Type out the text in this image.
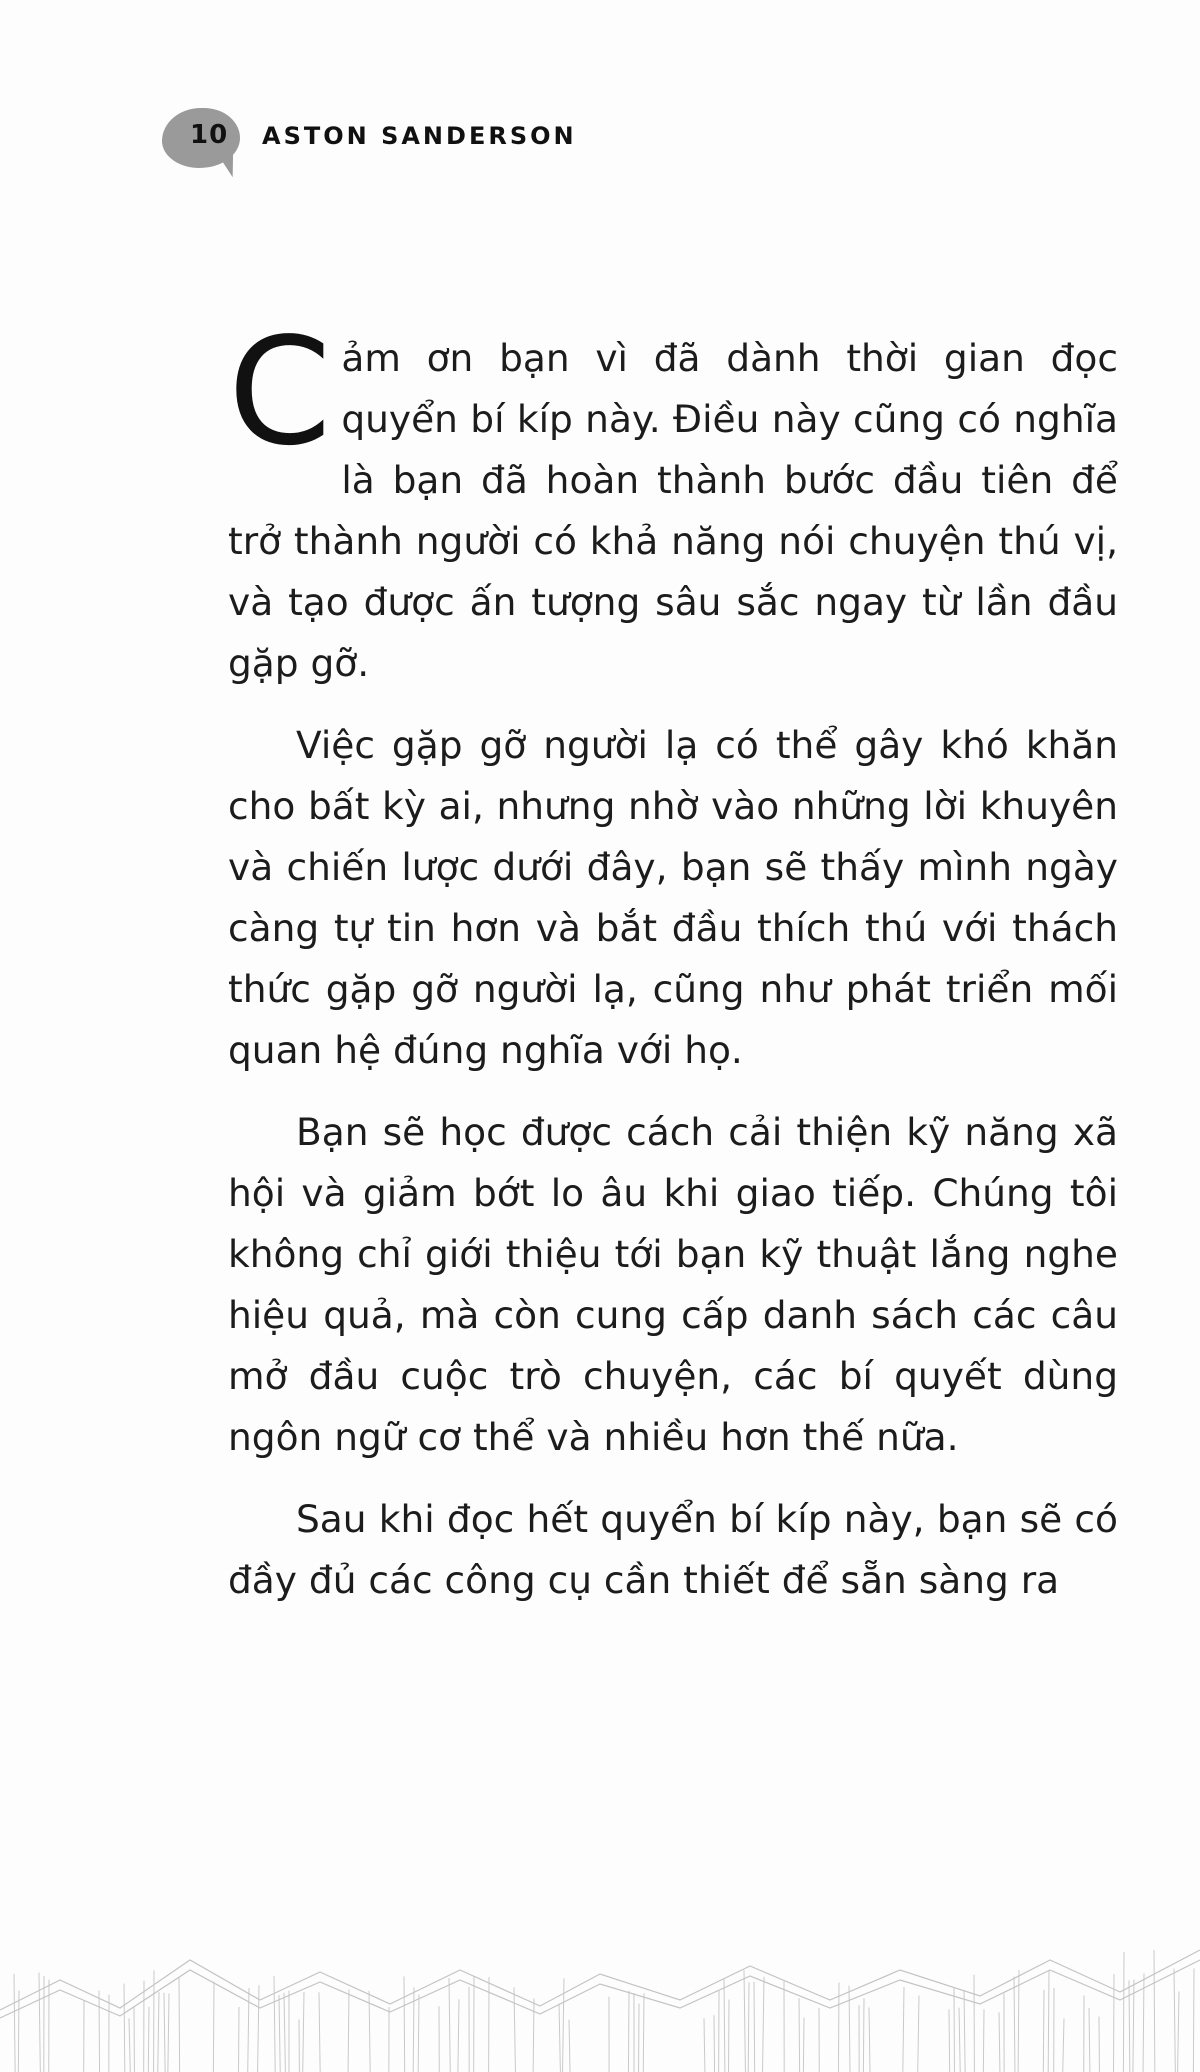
10 ASTON SANDERSON

Cảm ơn bạn vì đã dành thời gian đọc quyển bí kíp này. Điều này cũng có nghĩa là bạn đã hoàn thành bước đầu tiên để trở thành người có khả năng nói chuyện thú vị, và tạo được ấn tượng sâu sắc ngay từ lần đầu gặp gỡ.

Việc gặp gỡ người lạ có thể gây khó khăn cho bất kỳ ai, nhưng nhờ vào những lời khuyên và chiến lược dưới đây, bạn sẽ thấy mình ngày càng tự tin hơn và bắt đầu thích thú với thách thức gặp gỡ người lạ, cũng như phát triển mối quan hệ đúng nghĩa với họ.

Bạn sẽ học được cách cải thiện kỹ năng xã hội và giảm bớt lo âu khi giao tiếp. Chúng tôi không chỉ giới thiệu tới bạn kỹ thuật lắng nghe hiệu quả, mà còn cung cấp danh sách các câu mở đầu cuộc trò chuyện, các bí quyết dùng ngôn ngữ cơ thể và nhiều hơn thế nữa.

Sau khi đọc hết quyển bí kíp này, bạn sẽ có đầy đủ các công cụ cần thiết để sẵn sàng ra
